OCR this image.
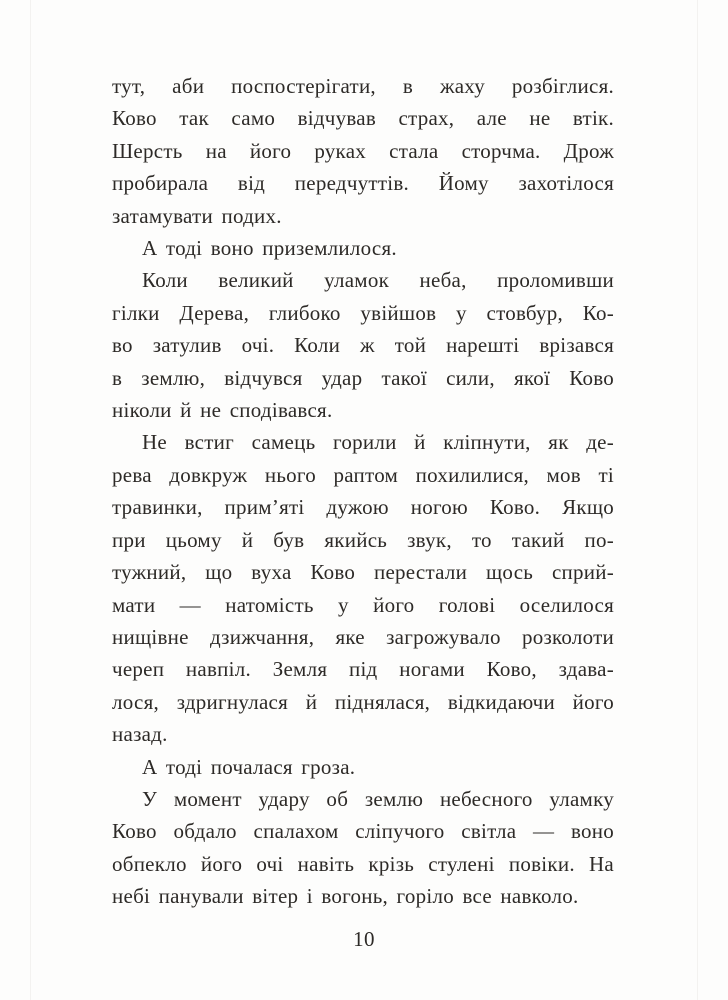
тут, аби поспостерігати, в жаху розбіглися.
Ково так само відчував страх, але не втік.
Шерсть на його руках стала сторчма. Дрож
пробирала від передчуттів. Йому захотілося
затамувати подих.

А тоді воно приземлилося.

Коли великий уламок неба, проломивши
гілки Дерева, глибоко увійшов у стовбур, Ко-
во затулив очі. Коли ж той нарешті врізався
в землю, відчувся удар такої сили, якої Ково
ніколи й не сподівався.

Не встиг самець горили й кліпнути, як де-
рева довкруж нього раптом похилилися, мов ті
травинки, прим’яті дужою ногою Ково. Якщо
при цьому й був якийсь звук, то такий по-
тужний, що вуха Ково перестали щось сприй-
мати — натомість у його голові оселилося
нищівне дзижчання, яке загрожувало розколоти
череп навпіл. Земля під ногами Ково, здава-
лося, здригнулася й піднялася, відкидаючи його
назад.

А тоді почалася гроза.

У момент удару об землю небесного уламку
Ково обдало спалахом сліпучого світла — воно
обпекло його очі навіть крізь стулені повіки. На
небі панували вітер і вогонь, горіло все навколо.

10
